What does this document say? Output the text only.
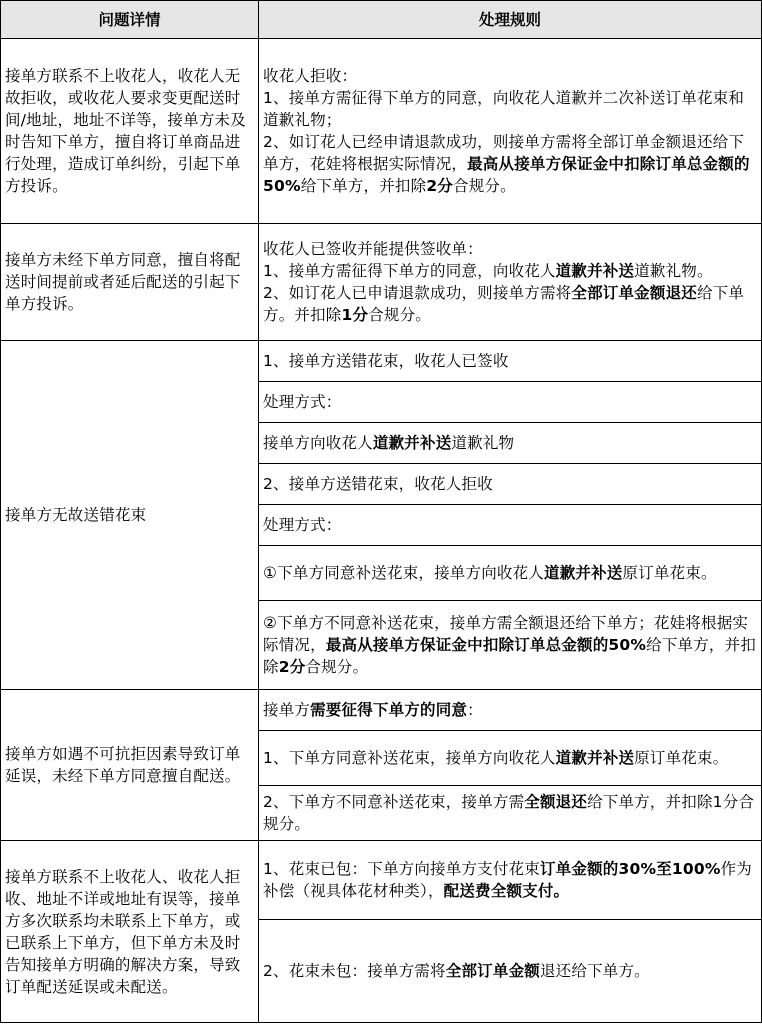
问题详情	处理规则
接单方联系不上收花人，收花人无故拒收，或收花人要求变更配送时间/地址，地址不详等，接单方未及时告知下单方，擅自将订单商品进行处理，造成订单纠纷，引起下单方投诉。	收花人拒收：
1、接单方需征得下单方的同意，向收花人道歉并二次补送订单花束和道歉礼物；
2、如订花人已经申请退款成功，则接单方需将全部订单金额退还给下单方，花娃将根据实际情况，最高从接单方保证金中扣除订单总金额的50%给下单方，并扣除2分合规分。

接单方未经下单方同意，擅自将配送时间提前或者延后配送的引起下单方投诉。	收花人已签收并能提供签收单：
1、接单方需征得下单方的同意，向收花人道歉并补送道歉礼物。
2、如订花人已申请退款成功，则接单方需将全部订单金额退还给下单方。并扣除1分合规分。

接单方无故送错花束	1、接单方送错花束，收花人已签收
	处理方式：
	接单方向收花人道歉并补送道歉礼物
	2、接单方送错花束，收花人拒收
	处理方式：
	①下单方同意补送花束，接单方向收花人道歉并补送原订单花束。
	②下单方不同意补送花束，接单方需全额退还给下单方；花娃将根据实际情况，最高从接单方保证金中扣除订单总金额的50%给下单方，并扣除2分合规分。
接单方如遇不可抗拒因素导致订单延误，未经下单方同意擅自配送。	接单方需要征得下单方的同意：
	1、下单方同意补送花束，接单方向收花人道歉并补送原订单花束。
	2、下单方不同意补送花束，接单方需全额退还给下单方，并扣除1分合规分。
接单方联系不上收花人、收花人拒收、地址不详或地址有误等，接单方多次联系均未联系上下单方，或已联系上下单方，但下单方未及时告知接单方明确的解决方案，导致订单配送延误或未配送。	1、花束已包：下单方向接单方支付花束订单金额的30%至100%作为补偿（视具体花材种类），配送费全额支付。
	2、花束未包：接单方需将全部订单金额退还给下单方。
